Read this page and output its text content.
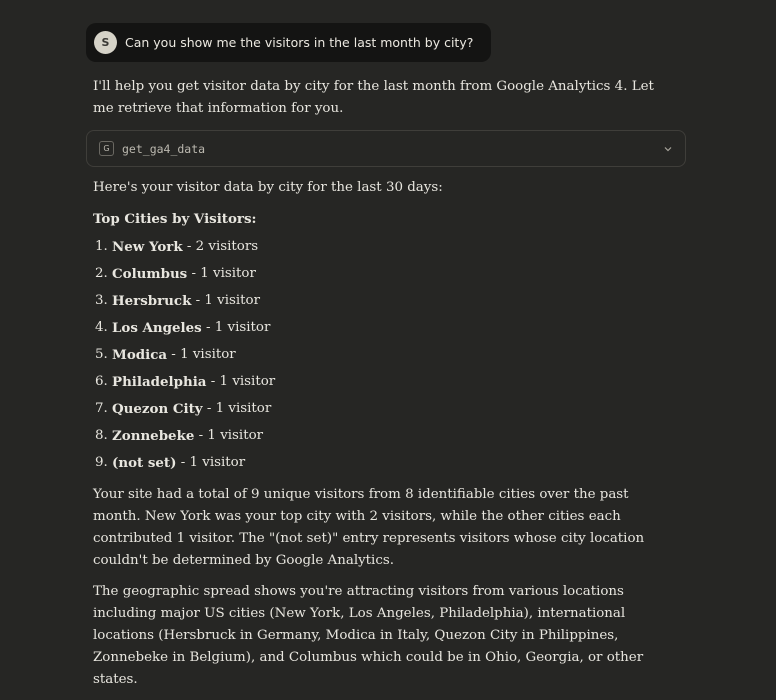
S	Can you show me the visitors in the last month by city?

I'll help you get visitor data by city for the last month from Google Analytics 4. Let me retrieve that information for you.

G	get_ga4_data

Here's your visitor data by city for the last 30 days:

Top Cities by Visitors:

1. New York - 2 visitors
2. Columbus - 1 visitor
3. Hersbruck - 1 visitor
4. Los Angeles - 1 visitor
5. Modica - 1 visitor
6. Philadelphia - 1 visitor
7. Quezon City - 1 visitor
8. Zonnebeke - 1 visitor
9. (not set) - 1 visitor

Your site had a total of 9 unique visitors from 8 identifiable cities over the past month. New York was your top city with 2 visitors, while the other cities each contributed 1 visitor. The "(not set)" entry represents visitors whose city location couldn't be determined by Google Analytics.

The geographic spread shows you're attracting visitors from various locations including major US cities (New York, Los Angeles, Philadelphia), international locations (Hersbruck in Germany, Modica in Italy, Quezon City in Philippines, Zonnebeke in Belgium), and Columbus which could be in Ohio, Georgia, or other states.
